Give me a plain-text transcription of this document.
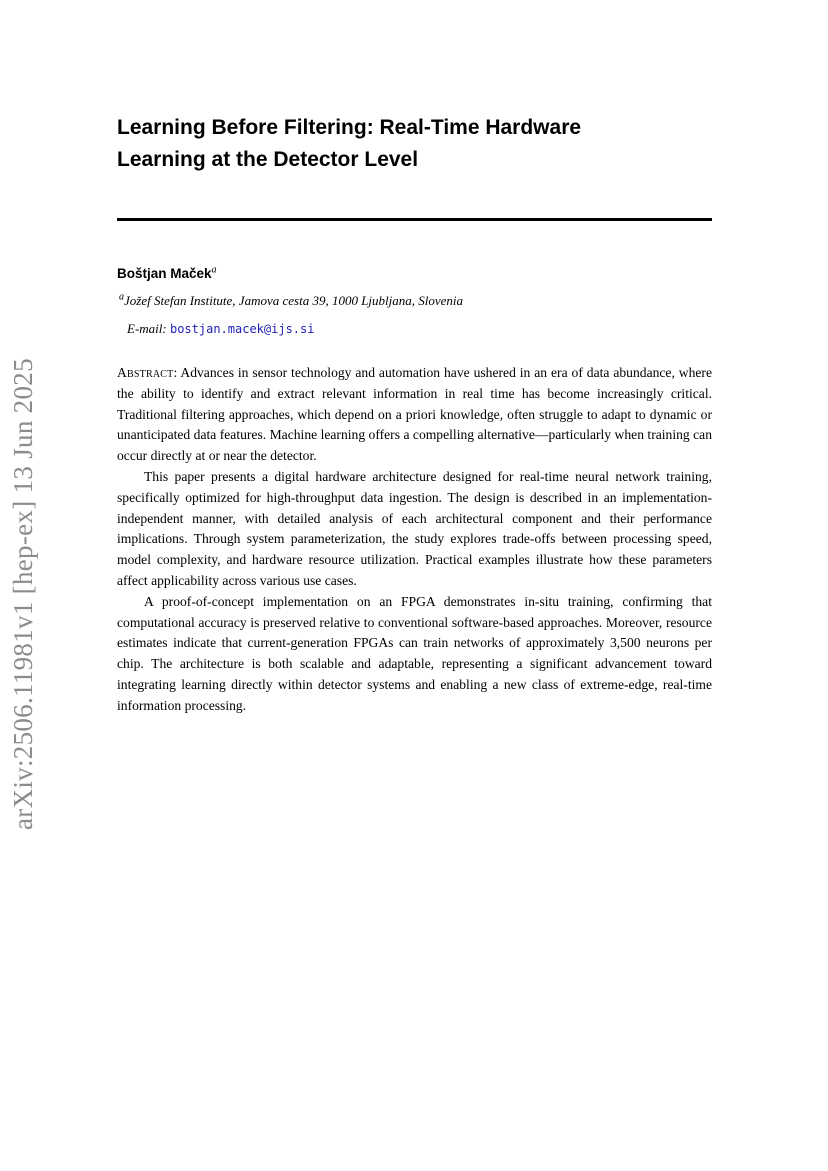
arXiv:2506.11981v1 [hep-ex] 13 Jun 2025
Learning Before Filtering: Real-Time Hardware
Learning at the Detector Level
Boštjan Maček$^a$
$^a$Jožef Stefan Institute, Jamova cesta 39, 1000 Ljubljana, Slovenia
E-mail: bostjan.macek@ijs.si

Abstract: Advances in sensor technology and automation have ushered in an era of data abundance, where the ability to identify and extract relevant information in real time has become increasingly critical. Traditional filtering approaches, which depend on a priori knowledge, often struggle to adapt to dynamic or unanticipated data features. Machine learning offers a compelling alternative—particularly when training can occur directly at or near the detector.

This paper presents a digital hardware architecture designed for real-time neural network training, specifically optimized for high-throughput data ingestion. The design is described in an implementation-independent manner, with detailed analysis of each architectural component and their performance implications. Through system parameterization, the study explores trade-offs between processing speed, model complexity, and hardware resource utilization. Practical examples illustrate how these parameters affect applicability across various use cases.

A proof-of-concept implementation on an FPGA demonstrates in-situ training, confirming that computational accuracy is preserved relative to conventional software-based approaches. Moreover, resource estimates indicate that current-generation FPGAs can train networks of approximately 3,500 neurons per chip. The architecture is both scalable and adaptable, representing a significant advancement toward integrating learning directly within detector systems and enabling a new class of extreme-edge, real-time information processing.
